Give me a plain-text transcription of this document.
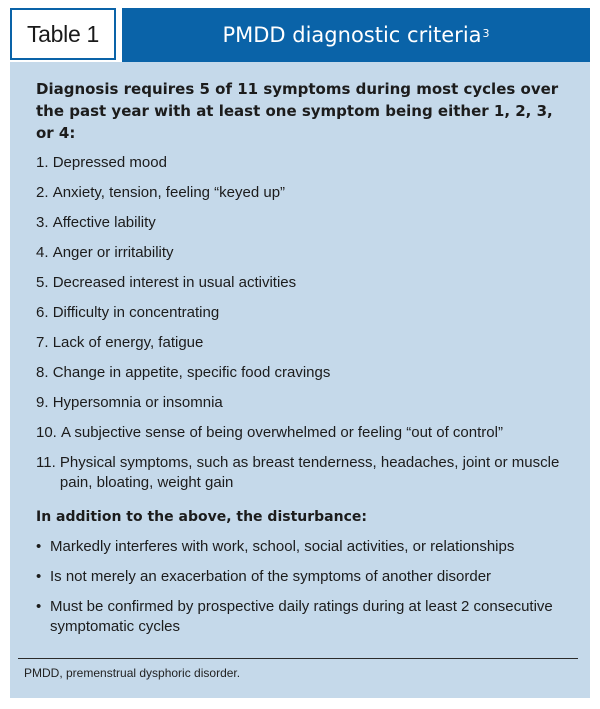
Table 1	PMDD diagnostic criteria$^3$

Diagnosis requires 5 of 11 symptoms during most cycles over the past year with at least one symptom being either 1, 2, 3, or 4:

1. Depressed mood
2. Anxiety, tension, feeling “keyed up”
3. Affective lability
4. Anger or irritability
5. Decreased interest in usual activities
6. Difficulty in concentrating
7. Lack of energy, fatigue
8. Change in appetite, specific food cravings
9. Hypersomnia or insomnia
10. A subjective sense of being overwhelmed or feeling “out of control”
11. Physical symptoms, such as breast tenderness, headaches, joint or muscle pain, bloating, weight gain

In addition to the above, the disturbance:

• Markedly interferes with work, school, social activities, or relationships
• Is not merely an exacerbation of the symptoms of another disorder
• Must be confirmed by prospective daily ratings during at least 2 consecutive symptomatic cycles
PMDD, premenstrual dysphoric disorder.
